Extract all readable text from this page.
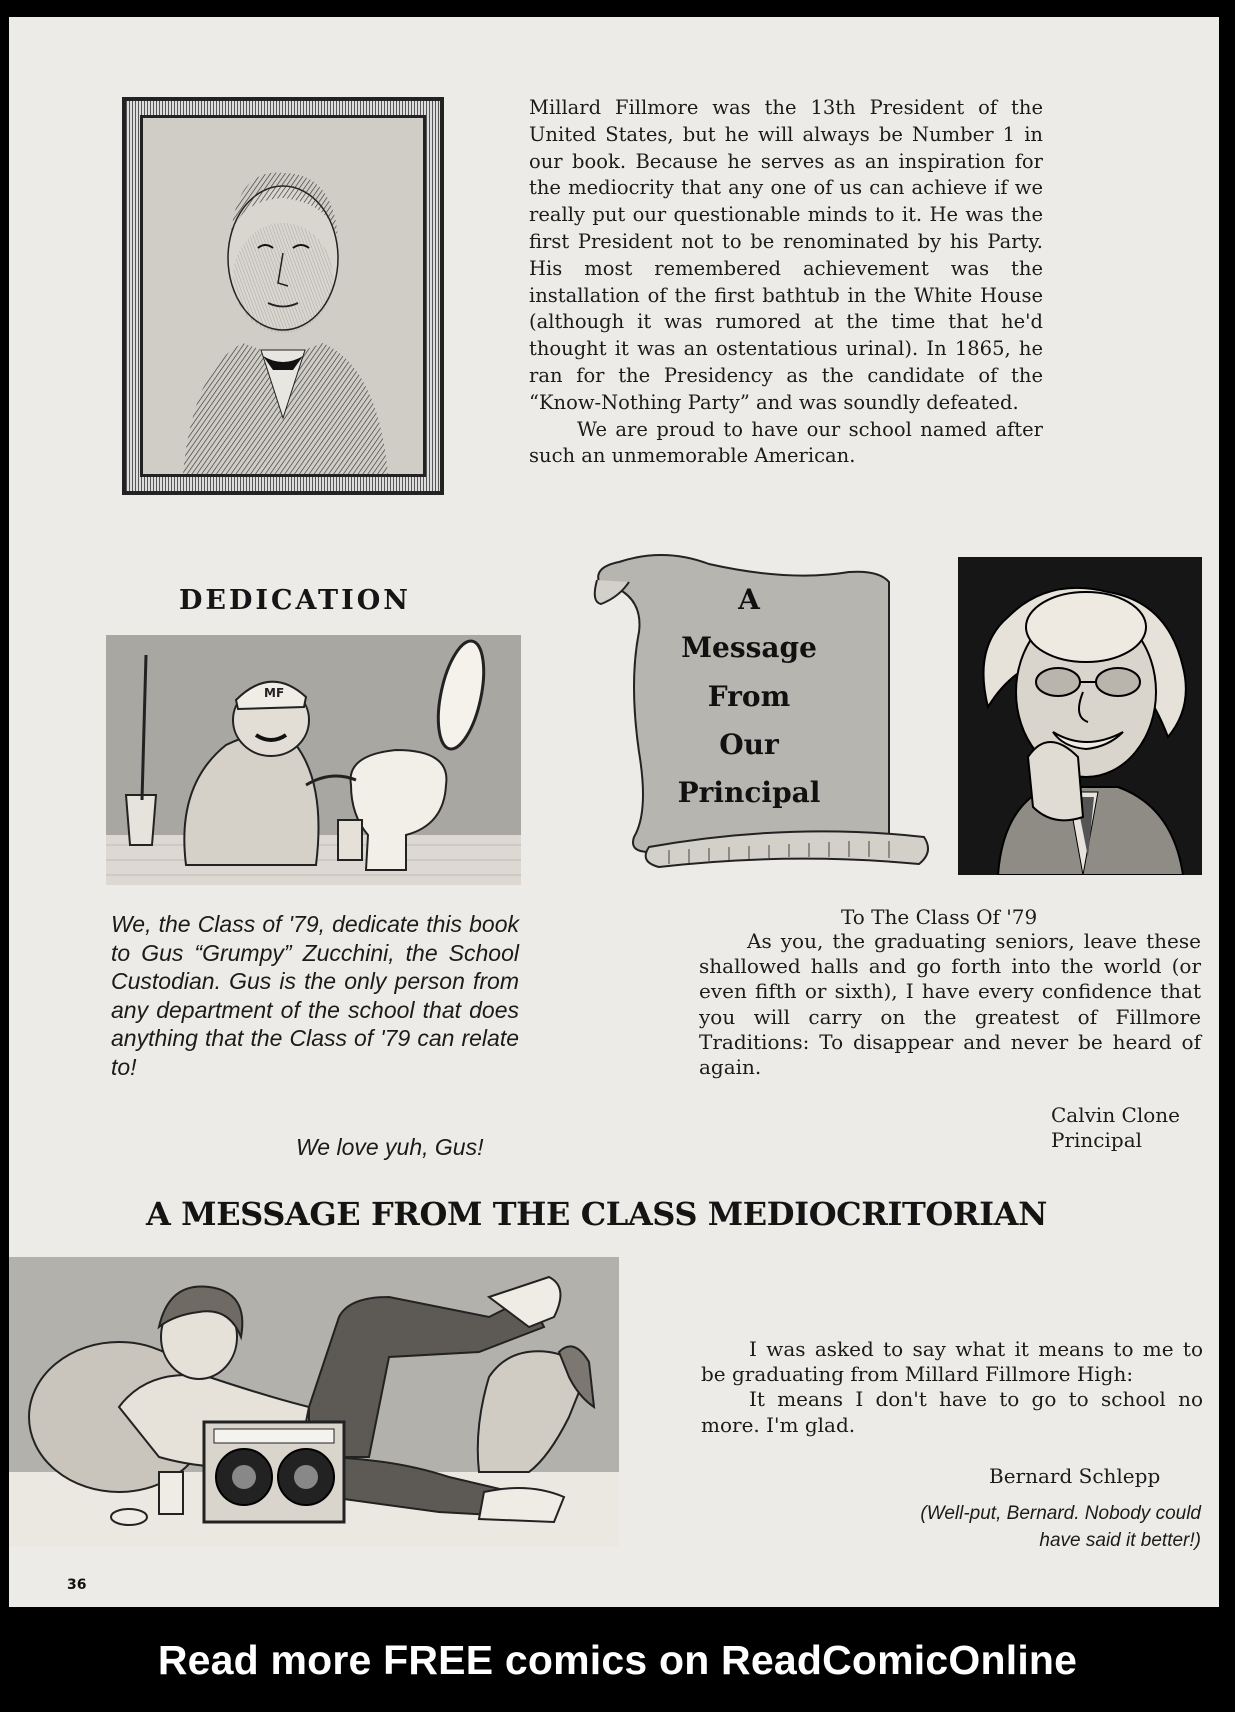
Millard Fillmore was the 13th President of the United States, but he will always be Number 1 in our book. Because he serves as an inspiration for the mediocrity that any one of us can achieve if we really put our questionable minds to it. He was the first President not to be renominated by his Party. His most remembered achievement was the installation of the first bathtub in the White House (although it was rumored at the time that he'd thought it was an ostentatious urinal). In 1865, he ran for the Presidency as the candidate of the “Know-Nothing Party” and was soundly defeated.

We are proud to have our school named after such an unmemorable American.

DEDICATION
MF
We, the Class of '79, dedicate this book to Gus “Grumpy” Zucchini, the School Custodian. Gus is the only person from any department of the school that does anything that the Class of '79 can relate to!
We love yuh, Gus!
A
Message
From
Our
Principal
To The Class Of '79

As you, the graduating seniors, leave these shallowed halls and go forth into the world (or even fifth or sixth), I have every confidence that you will carry on the greatest of Fillmore Traditions: To disappear and never be heard of again.

Calvin Clone
Principal
A MESSAGE FROM THE CLASS MEDIOCRITORIAN

I was asked to say what it means to me to be graduating from Millard Fillmore High:

It means I don't have to go to school no more. I'm glad.

Bernard Schlepp
(Well-put, Bernard. Nobody could have said it better!)
36
Read more FREE comics on ReadComicOnline
